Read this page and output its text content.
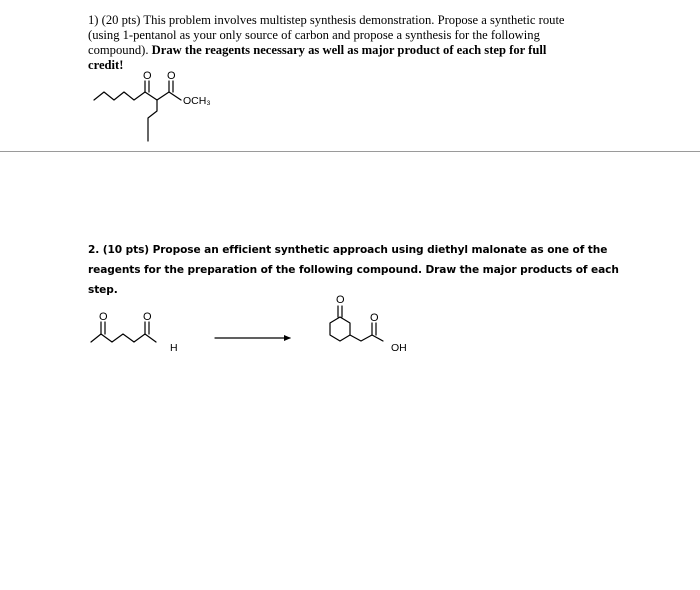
1) (20 pts) This problem involves multistep synthesis demonstration. Propose a synthetic route
(using 1-pentanol as your only source of carbon and propose a synthesis for the following
compound). Draw the reagents necessary as well as major product of each step for full
credit!
O O
OCH₃
2. (10 pts) Propose an efficient synthetic approach using diethyl malonate as one of the
reagents for the preparation of the following compound. Draw the major products of each step.
O	O
H
O
O
OH
